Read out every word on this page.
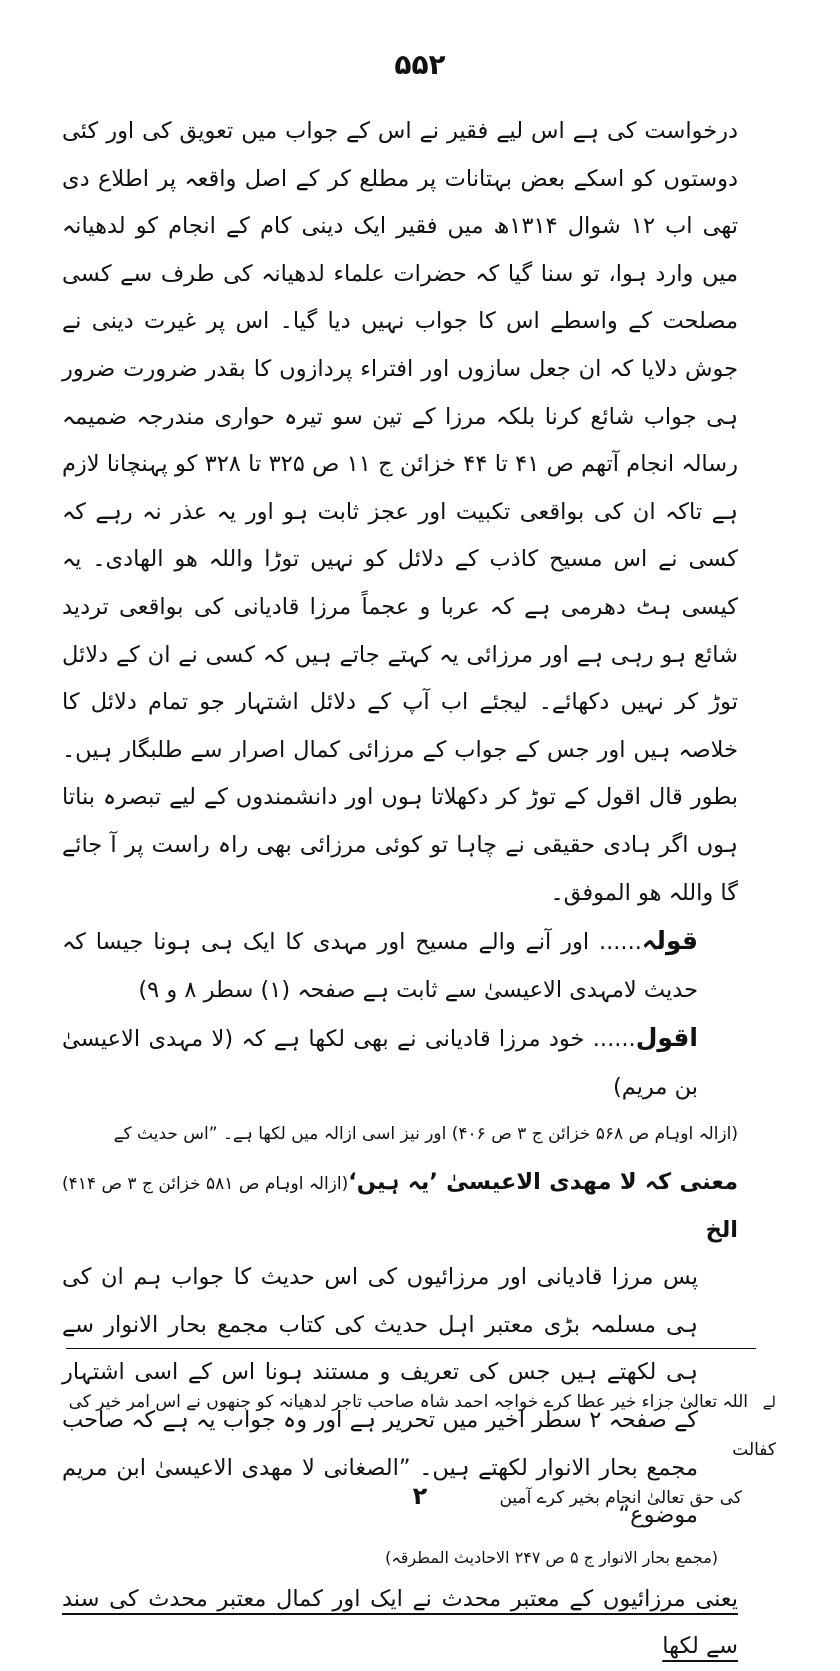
۵۵۲

درخواست کی ہے اس لیے فقیر نے اس کے جواب میں تعویق کی اور کئی دوستوں کو اسکے بعض بہتانات پر مطلع کر کے اصل واقعہ پر اطلاع دی تھی اب ۱۲ شوال ۱۳۱۴ھ میں فقیر ایک دینی کام کے انجام کو لدھیانہ میں وارد ہوا، تو سنا گیا کہ حضرات علماء لدھیانہ کی طرف سے کسی مصلحت کے واسطے اس کا جواب نہیں دیا گیا۔ اس پر غیرت دینی نے جوش دلایا کہ ان جعل سازوں اور افتراء پردازوں کا بقدر ضرورت ضرور ہی جواب شائع کرنا بلکہ مرزا کے تین سو تیرہ حواری مندرجہ ضمیمہ رسالہ انجام آتھم ص ۴۱ تا ۴۴ خزائن ج ۱۱ ص ۳۲۵ تا ۳۲۸ کو پہنچانا لازم ہے تاکہ ان کی بواقعی تکبیت اور عجز ثابت ہو اور یہ عذر نہ رہے کہ کسی نے اس مسیح کاذب کے دلائل کو نہیں توڑا واللہ ھو الھادی۔ یہ کیسی ہٹ دھرمی ہے کہ عربا و عجماً مرزا قادیانی کی بواقعی تردید شائع ہو رہی ہے اور مرزائی یہ کہتے جاتے ہیں کہ کسی نے ان کے دلائل توڑ کر نہیں دکھائے۔ لیجئے اب آپ کے دلائل اشتہار جو تمام دلائل کا خلاصہ ہیں اور جس کے جواب کے مرزائی کمال اصرار سے طلبگار ہیں۔ بطور قال اقول کے توڑ کر دکھلاتا ہوں اور دانشمندوں کے لیے تبصرہ بناتا ہوں اگر ہادی حقیقی نے چاہا تو کوئی مرزائی بھی راہ راست پر آ جائے گا واللہ ھو الموفق۔

قولہ...... اور آنے والے مسیح اور مہدی کا ایک ہی ہونا جیسا کہ حدیث لامہدی الاعیسیٰ سے ثابت ہے صفحہ (۱) سطر ۸ و ۹)

اقول...... خود مرزا قادیانی نے بھی لکھا ہے کہ (لا مہدی الاعیسیٰ بن مریم)

(ازالہ اوہام ص ۵۶۸ خزائن ج ۳ ص ۴۰۶) اور نیز اسی ازالہ میں لکھا ہے۔ ”اس حدیث کے

(ازالہ اوہام ص ۵۸۱ خزائن ج ۳ ص ۴۱۴) معنی کہ لا مھدی الاعیسیٰ ’یہ ہیں‘ الخ

پس مرزا قادیانی اور مرزائیوں کی اس حدیث کا جواب ہم ان کی ہی مسلمہ بڑی معتبر اہل حدیث کی کتاب مجمع بحار الانوار سے ہی لکھتے ہیں جس کی تعریف و مستند ہونا اس کے اسی اشتہار کے صفحہ ۲ سطر اخیر میں تحریر ہے اور وہ جواب یہ ہے کہ صاحب مجمع بحار الانوار لکھتے ہیں۔ ”الصغانی لا مھدی الاعیسیٰ ابن مریم موضوع“

(مجمع بحار الانوار ج ۵ ص ۲۴۷ الاحادیث المطرقہ)

یعنی مرزائیوں کے معتبر محدث نے ایک اور کمال معتبر محدث کی سند سے لکھا

لےاللہ تعالیٰ جزاء خیر عطا کرے خواجہ احمد شاہ صاحب تاجر لدھیانہ کو جنھوں نے اس امر خیر کی کفالت
کی حق تعالیٰ انجام بخیر کرے آمین
۲
